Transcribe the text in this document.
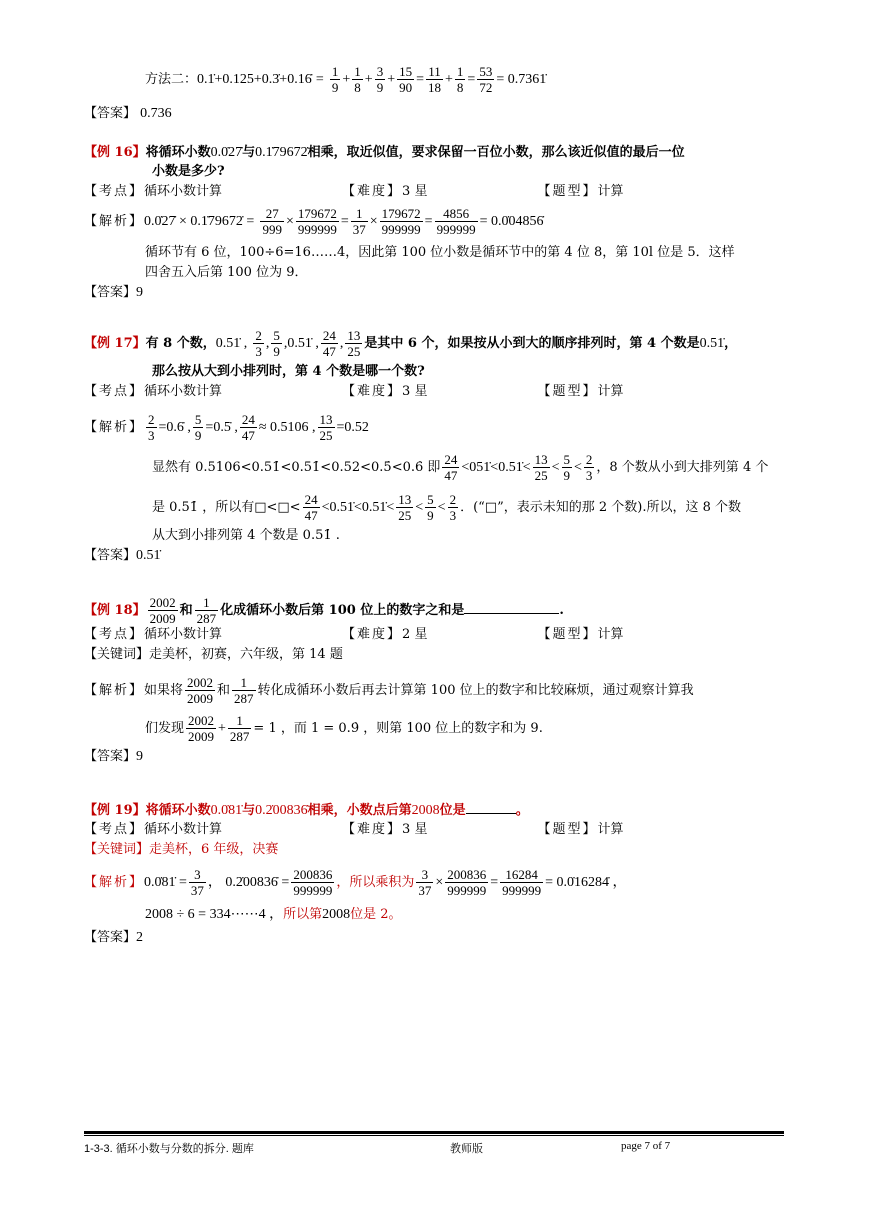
方法二：0.1̇+0.125+0.3̇+0.16̇ = $\frac{1}{9} + \frac{1}{8} + \frac{3}{9} + \frac{15}{90} = \frac{11}{18} + \frac{1}{8} = \frac{53}{72}$ = 0.7361̇
【答案】 0.736
【例 16】将循环小数0.0̇27̇与0.1̇79672̇相乘，取近似值，要求保留一百位小数，那么该近似值的最后一位
小数是多少?
【考点】循环小数计算	【难度】3 星	【题型】计算
【解析】0.0̇27̇ × 0.1̇79672̇ = $\frac{27}{999} \times \frac{179672}{999999} = \frac{1}{37} \times \frac{179672}{999999} = \frac{4856}{999999}$ = 0.0̇04856̇
循环节有 6 位，100÷6=16……4，因此第 100 位小数是循环节中的第 4 位 8，第 10l 位是 5．这样
四舍五入后第 100 位为 9．
【答案】9
【例 17】有 8 个数，0.51̇ , $\frac{2}{3}$ , $\frac{5}{9}$ ,0.51̇ , $\frac{24}{47}$ , $\frac{13}{25}$ 是其中 6 个，如果按从小到大的顺序排列时，第 4 个数是0.51̇，
那么按从大到小排列时，第 4 个数是哪一个数?
【考点】循环小数计算	【难度】3 星	【题型】计算
【解析】 $\frac{2}{3}$ =0.6̇ , $\frac{5}{9}$ =0.5̇ , $\frac{24}{47} \approx 0.5106$ , $\frac{13}{25} =0.52$
显然有 0.5106<0.51̇<0.51̇<0.52<0.5̇<0.6̇ 即 $\frac{24}{47}$ <051̇<0.51̇< $\frac{13}{25} < \frac{5}{9} < \frac{2}{3}$ ，8 个数从小到大排列第 4 个
是 0.51̇ ，所以有□<□< $\frac{24}{47}$ <0.51̇<0.51̇< $\frac{13}{25} < \frac{5}{9} < \frac{2}{3}$ ．(“□”，表示未知的那 2 个数).所以，这 8 个数
从大到小排列第 4 个数是 0.51̇ .
【答案】0.51̇
【例 18】 $\frac{2002}{2009}$ 和 $\frac{1}{287}$ 化成循环小数后第 100 位上的数字之和是	.
【考点】循环小数计算	【难度】2 星	【题型】计算
【关键词】走美杯，初赛，六年级，第 14 题
【解析】如果将 $\frac{2002}{2009}$ 和 $\frac{1}{287}$ 转化成循环小数后再去计算第 100 位上的数字和比较麻烦，通过观察计算我
们发现 $\frac{2002}{2009} + \frac{1}{287} = 1$ ，而 1 = 0.9̇ ，则第 100 位上的数字和为 9.
【答案】9
【例 19】将循环小数0.0̇81̇与0.2̇00836̇相乘，小数点后第2008位是	。
【考点】循环小数计算	【难度】3 星	【题型】计算
【关键词】走美杯，6 年级，决赛
【解析】0.0̇81̇ = $\frac{3}{37}$ ， 0.2̇00836̇ = $\frac{200836}{999999}$ ，所以乘积为 $\frac{3}{37} \times \frac{200836}{999999} = \frac{16284}{999999}$ = 0.0̇16284̇ ，
2008 ÷ 6 = 334⋯⋯4 ，所以第2008位是 2。
【答案】2
1-3-3. 循环小数与分数的拆分. 题库	教师版	page 7 of 7
